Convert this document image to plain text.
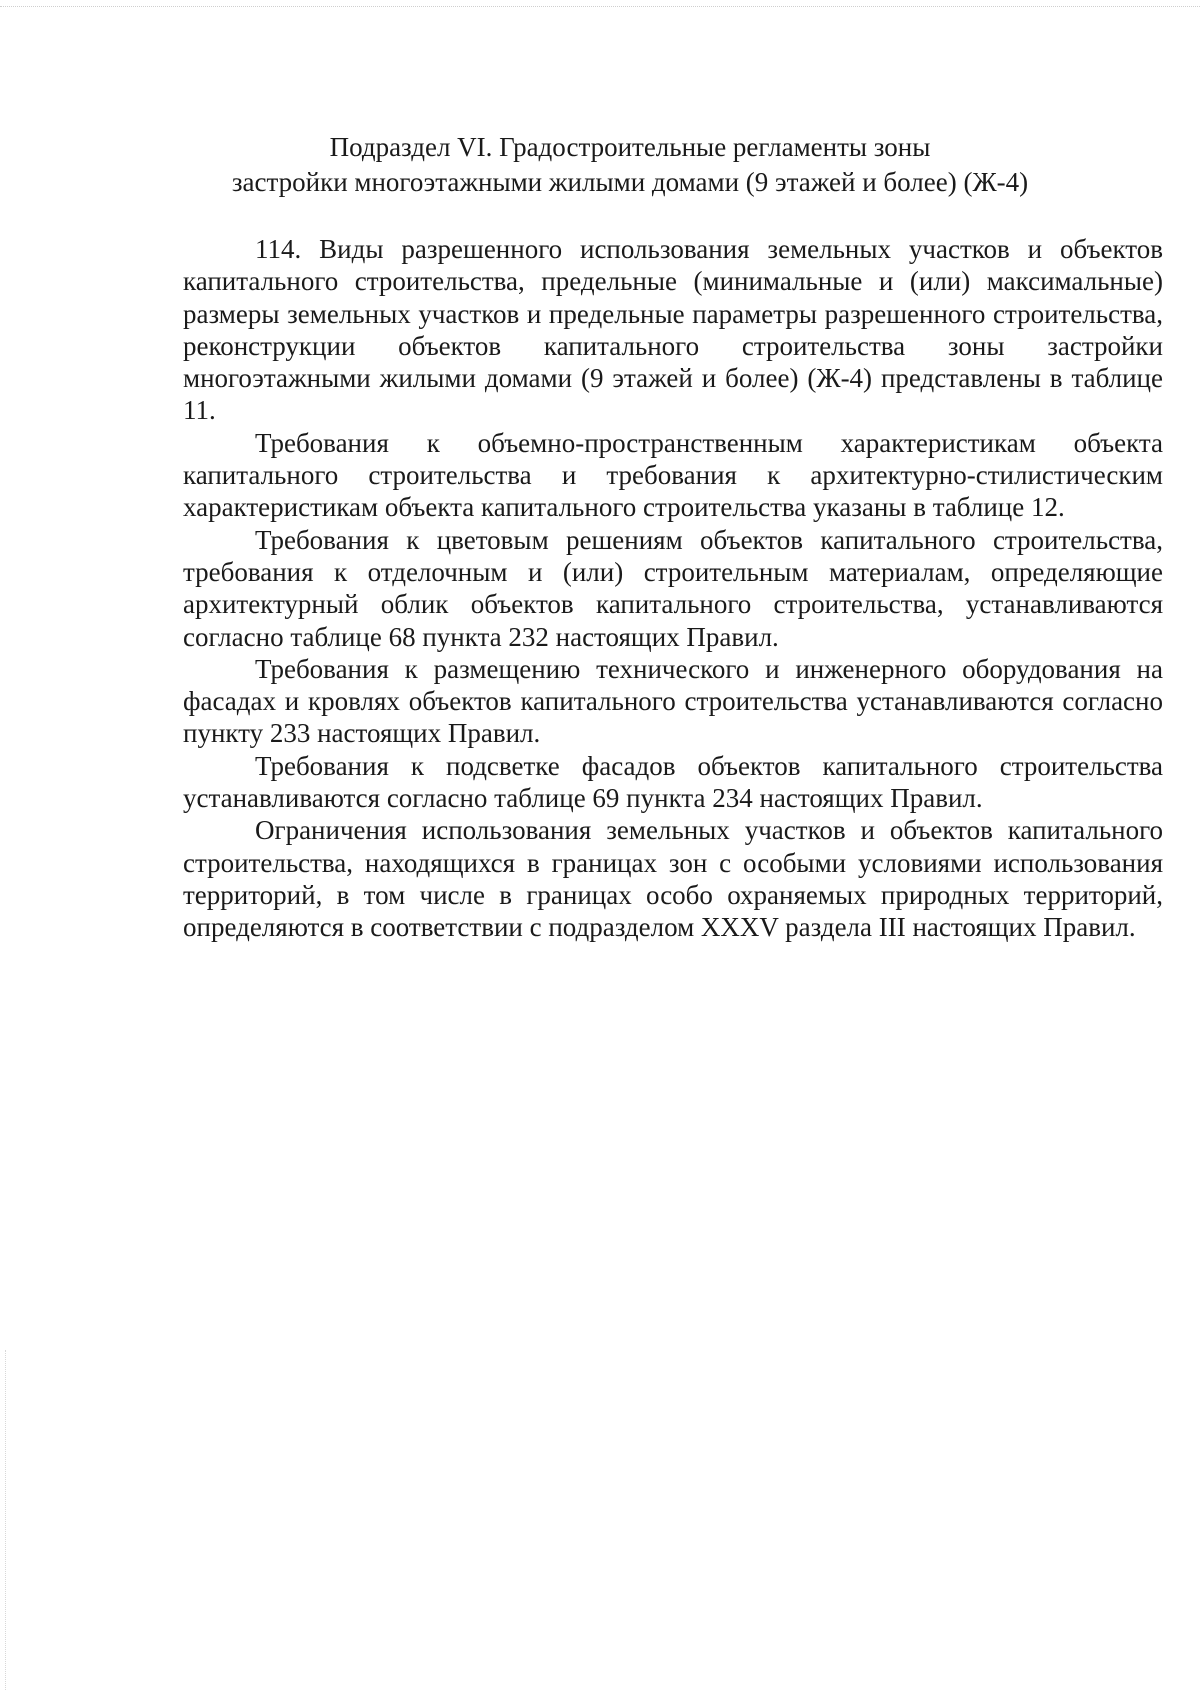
Подраздел VI. Градостроительные регламенты зоны
застройки многоэтажными жилыми домами (9 этажей и более) (Ж-4)

114. Виды разрешенного использования земельных участков и объектов капитального строительства, предельные (минимальные и (или) максимальные) размеры земельных участков и предельные параметры разрешенного строительства, реконструкции объектов капитального строительства зоны застройки многоэтажными жилыми домами (9 этажей и более) (Ж-4) представлены в таблице 11.

Требования к объемно-пространственным характеристикам объекта капитального строительства и требования к архитектурно-стилистическим характеристикам объекта капитального строительства указаны в таблице 12.

Требования к цветовым решениям объектов капитального строительства, требования к отделочным и (или) строительным материалам, определяющие архитектурный облик объектов капитального строительства, устанавливаются согласно таблице 68 пункта 232 настоящих Правил.

Требования к размещению технического и инженерного оборудования на фасадах и кровлях объектов капитального строительства устанавливаются согласно пункту 233 настоящих Правил.

Требования к подсветке фасадов объектов капитального строительства устанавливаются согласно таблице 69 пункта 234 настоящих Правил.

Ограничения использования земельных участков и объектов капитального строительства, находящихся в границах зон с особыми условиями использования территорий, в том числе в границах особо охраняемых природных территорий, определяются в соответствии с подразделом XXXV раздела III настоящих Правил.
